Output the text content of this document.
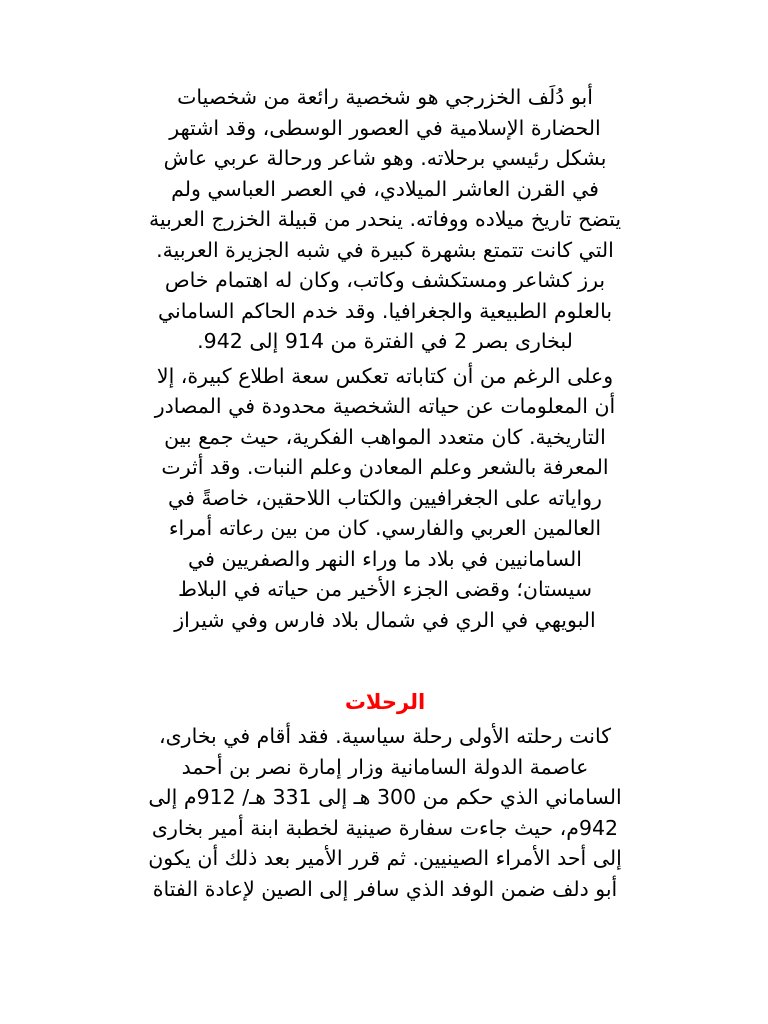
أبو دُلَف الخزرجي هو شخصية رائعة من شخصيات
الحضارة الإسلامية في العصور الوسطى، وقد اشتهر
بشكل رئيسي برحلاته. وهو شاعر ورحالة عربي عاش
في القرن العاشر الميلادي، في العصر العباسي ولم
يتضح تاريخ ميلاده ووفاته. ينحدر من قبيلة الخزرج العربية
التي كانت تتمتع بشهرة كبيرة في شبه الجزيرة العربية.
برز كشاعر ومستكشف وكاتب، وكان له اهتمام خاص
بالعلوم الطبيعية والجغرافيا. وقد خدم الحاكم الساماني
لبخارى بصر 2 في الفترة من 914 إلى 942.

وعلى الرغم من أن كتاباته تعكس سعة اطلاع كبيرة، إلا
أن المعلومات عن حياته الشخصية محدودة في المصادر
التاريخية. كان متعدد المواهب الفكرية، حيث جمع بين
المعرفة بالشعر وعلم المعادن وعلم النبات. وقد أثرت
رواياته على الجغرافيين والكتاب اللاحقين، خاصةً في
العالمين العربي والفارسي. كان من بين رعاته أمراء
السامانيين في بلاد ما وراء النهر والصفريين في
سيستان؛ وقضى الجزء الأخير من حياته في البلاط
البويهي في الري في شمال بلاد فارس وفي شيراز

الرحلات

كانت رحلته الأولى رحلة سياسية. فقد أقام في بخارى،
عاصمة الدولة السامانية وزار إمارة نصر بن أحمد
الساماني الذي حكم من 300 هـ إلى 331 هـ/ 912م إلى
942م، حيث جاءت سفارة صينية لخطبة ابنة أمير بخارى
إلى أحد الأمراء الصينيين. ثم قرر الأمير بعد ذلك أن يكون
أبو دلف ضمن الوفد الذي سافر إلى الصين لإعادة الفتاة
